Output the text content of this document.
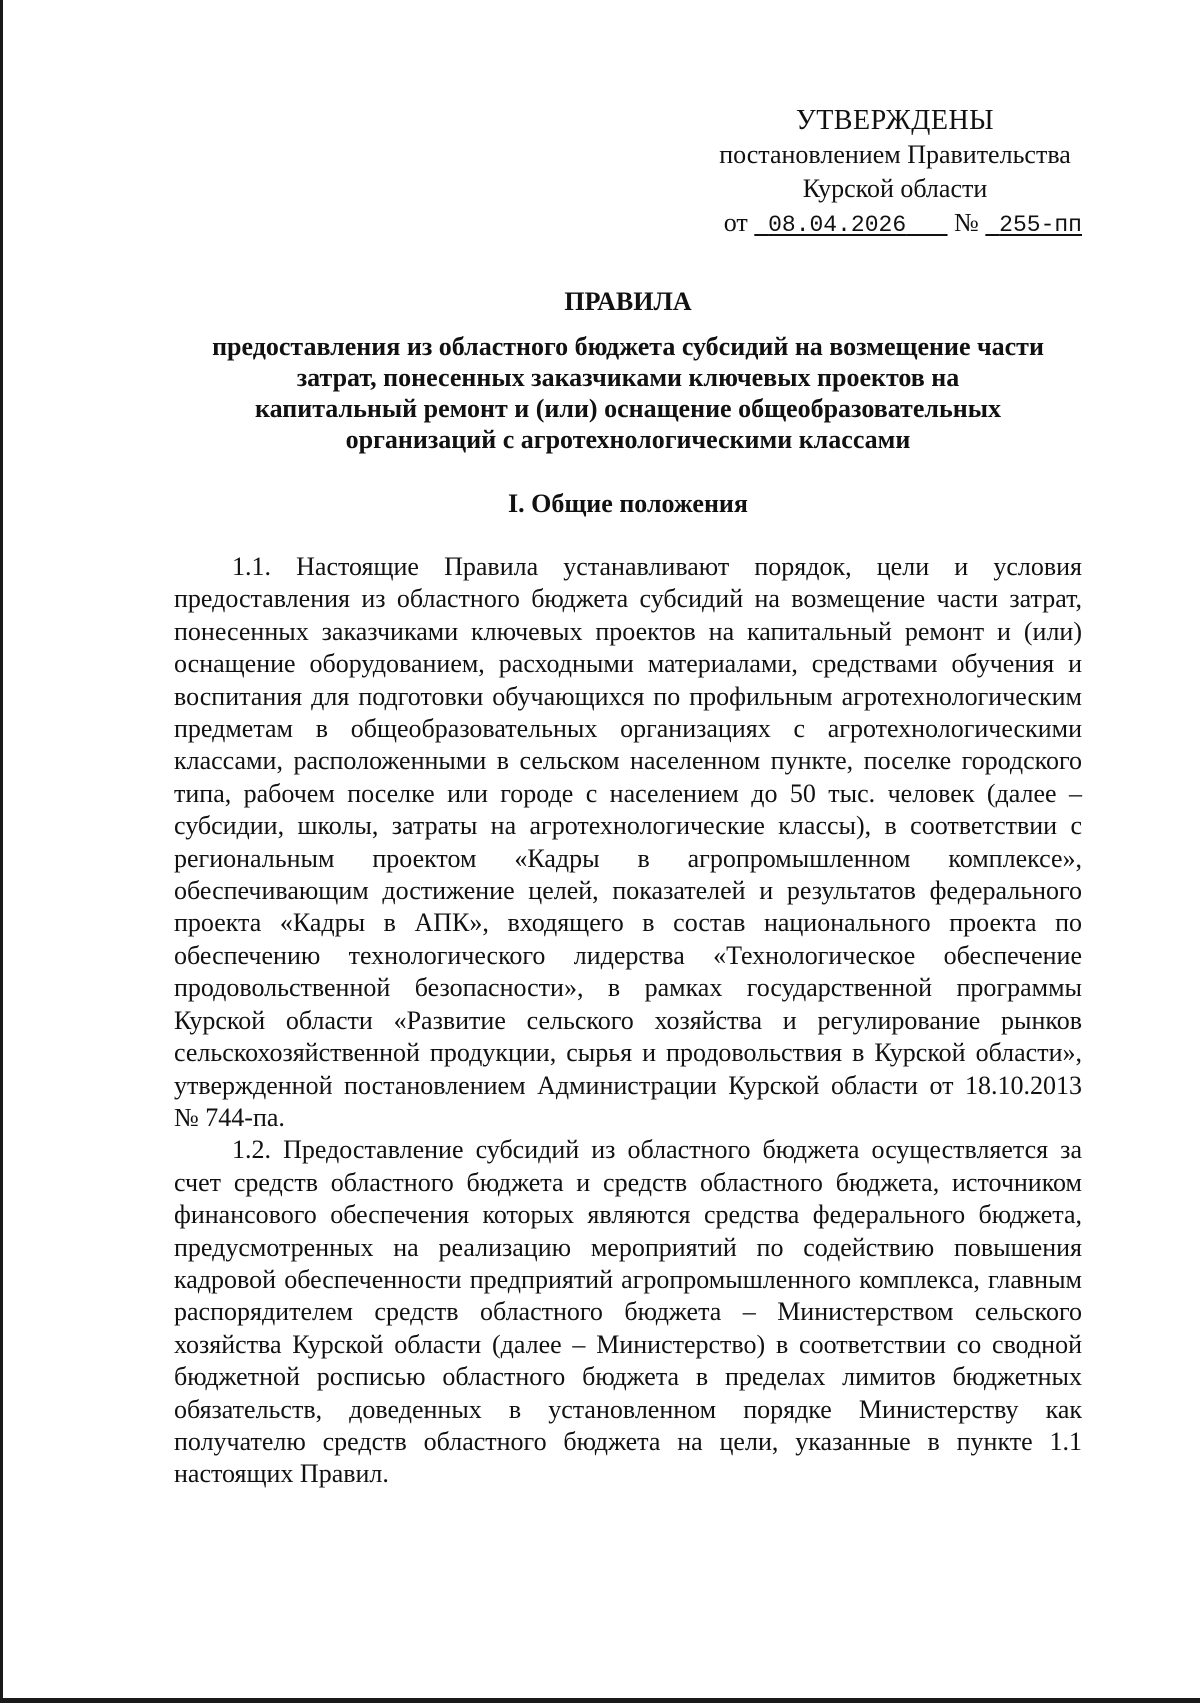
УТВЕРЖДЕНЫ
постановлением Правительства
Курской области
от 08.04.2026 № 255-пп
ПРАВИЛА
предоставления из областного бюджета субсидий на возмещение части
затрат, понесенных заказчиками ключевых проектов на
капитальный ремонт и (или) оснащение общеобразовательных
организаций с агротехнологическими классами
I. Общие положения

1.1. Настоящие Правила устанавливают порядок, цели и условия предоставления из областного бюджета субсидий на возмещение части затрат, понесенных заказчиками ключевых проектов на капитальный ремонт и (или) оснащение оборудованием, расходными материалами, средствами обучения и воспитания для подготовки обучающихся по профильным агротехнологическим предметам в общеобразовательных организациях с агротехнологическими классами, расположенными в сельском населенном пункте, поселке городского типа, рабочем поселке или городе с населением до 50 тыс. человек (далее – субсидии, школы, затраты на агротехнологические классы), в соответствии с региональным проектом «Кадры в агропромышленном комплексе», обеспечивающим достижение целей, показателей и результатов федерального проекта «Кадры в АПК», входящего в состав национального проекта по обеспечению технологического лидерства «Технологическое обеспечение продовольственной безопасности», в рамках государственной программы Курской области «Развитие сельского хозяйства и регулирование рынков сельскохозяйственной продукции, сырья и продовольствия в Курской области», утвержденной постановлением Администрации Курской области от 18.10.2013 № 744-па.

1.2. Предоставление субсидий из областного бюджета осуществляется за счет средств областного бюджета и средств областного бюджета, источником финансового обеспечения которых являются средства федерального бюджета, предусмотренных на реализацию мероприятий по содействию повышения кадровой обеспеченности предприятий агропромышленного комплекса, главным распорядителем средств областного бюджета – Министерством сельского хозяйства Курской области (далее – Министерство) в соответствии со сводной бюджетной росписью областного бюджета в пределах лимитов бюджетных обязательств, доведенных в установленном порядке Министерству как получателю средств областного бюджета на цели, указанные в пункте 1.1 настоящих Правил.
